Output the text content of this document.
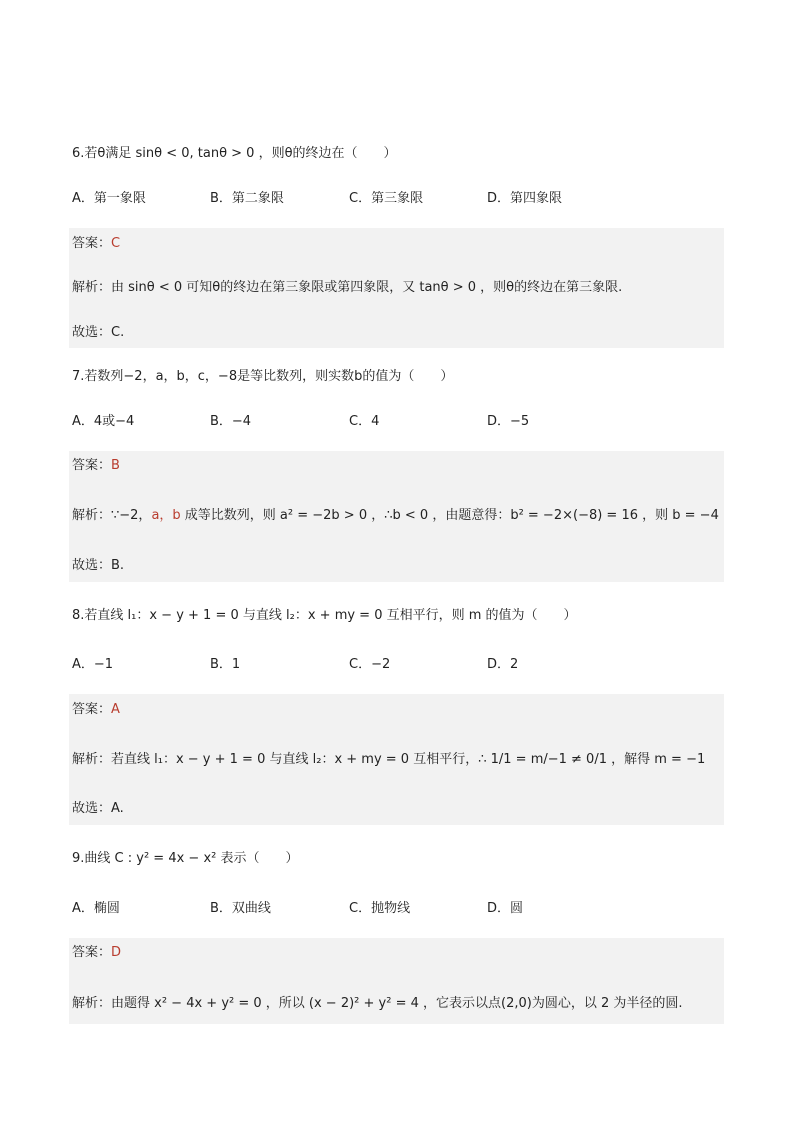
6.若θ满足 sinθ < 0, tanθ > 0 ，则θ的终边在（　　）
A．第一象限	B．第二象限	C．第三象限	D．第四象限
答案：C
解析：由 sinθ < 0 可知θ的终边在第三象限或第四象限，又 tanθ > 0 ，则θ的终边在第三象限.
故选：C.
7.若数列−2，a，b，c，−8是等比数列，则实数b的值为（　　）
A．4或−4	B．−4	C．4	D．−5
答案：B
解析：∵−2，a，b 成等比数列，则 a² = −2b > 0 ，∴b < 0 ，由题意得：b² = −2×(−8) = 16 ，则 b = −4
故选：B.
8.若直线 l₁：x − y + 1 = 0 与直线 l₂：x + my = 0 互相平行，则 m 的值为（　　）
A．−1	B．1	C．−2	D．2
答案：A
解析：若直线 l₁：x − y + 1 = 0 与直线 l₂：x + my = 0 互相平行，∴ 1/1 = m/−1 ≠ 0/1 ，解得 m = −1
故选：A.
9.曲线 C : y² = 4x − x² 表示（　　）
A．椭圆	B．双曲线	C．抛物线	D．圆
答案：D
解析：由题得 x² − 4x + y² = 0 ，所以 (x − 2)² + y² = 4 ，它表示以点(2,0)为圆心，以 2 为半径的圆.
